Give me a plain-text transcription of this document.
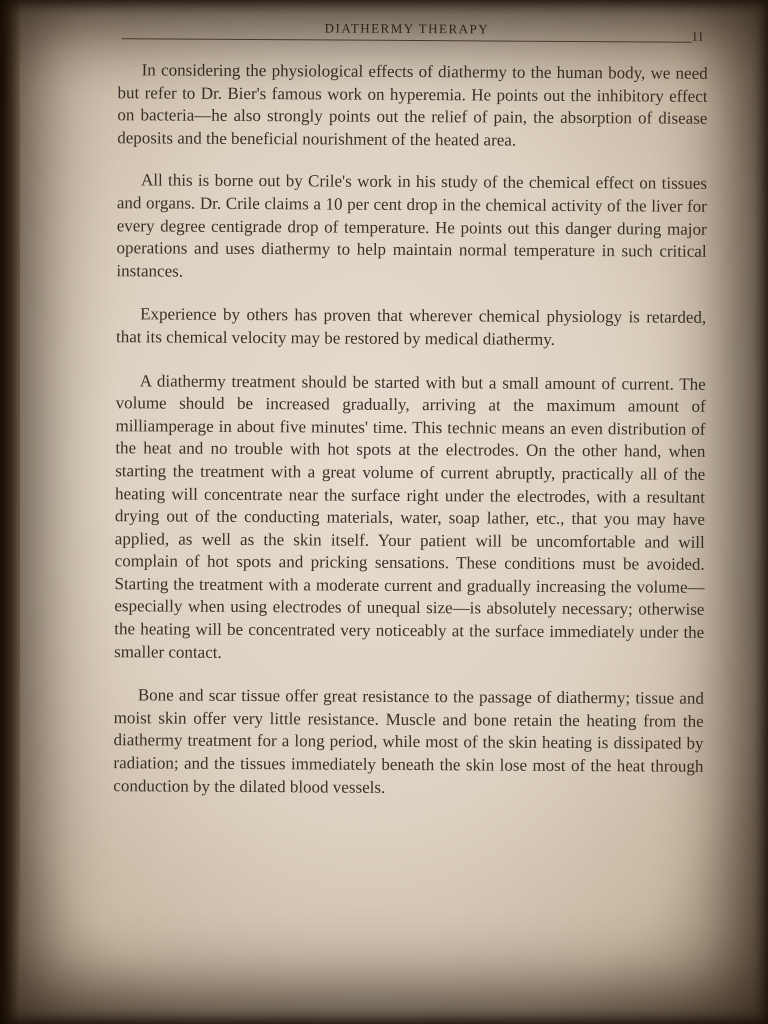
DIATHERMY THERAPY	11

In considering the physiological effects of diathermy to the human body, we need but refer to Dr. Bier's famous work on hyperemia. He points out the inhibitory effect on bacteria—he also strongly points out the relief of pain, the absorption of disease deposits and the beneficial nourishment of the heated area.

All this is borne out by Crile's work in his study of the chemical effect on tissues and organs. Dr. Crile claims a 10 per cent drop in the chemical activity of the liver for every degree centigrade drop of temperature. He points out this danger during major operations and uses diathermy to help maintain normal temperature in such critical instances.

Experience by others has proven that wherever chemical physiology is retarded, that its chemical velocity may be restored by medical diathermy.

A diathermy treatment should be started with but a small amount of current. The volume should be increased gradually, arriving at the maximum amount of milliamperage in about five minutes' time. This technic means an even distribution of the heat and no trouble with hot spots at the electrodes. On the other hand, when starting the treatment with a great volume of current abruptly, practically all of the heating will concentrate near the surface right under the electrodes, with a resultant drying out of the conducting materials, water, soap lather, etc., that you may have applied, as well as the skin itself. Your patient will be uncomfortable and will complain of hot spots and pricking sensations. These conditions must be avoided. Starting the treatment with a moderate current and gradually increasing the volume—especially when using electrodes of unequal size—is absolutely necessary; otherwise the heating will be concentrated very noticeably at the surface immediately under the smaller contact.

Bone and scar tissue offer great resistance to the passage of diathermy; tissue and moist skin offer very little resistance. Muscle and bone retain the heating from the diathermy treatment for a long period, while most of the skin heating is dissipated by radiation; and the tissues immediately beneath the skin lose most of the heat through conduction by the dilated blood vessels.
